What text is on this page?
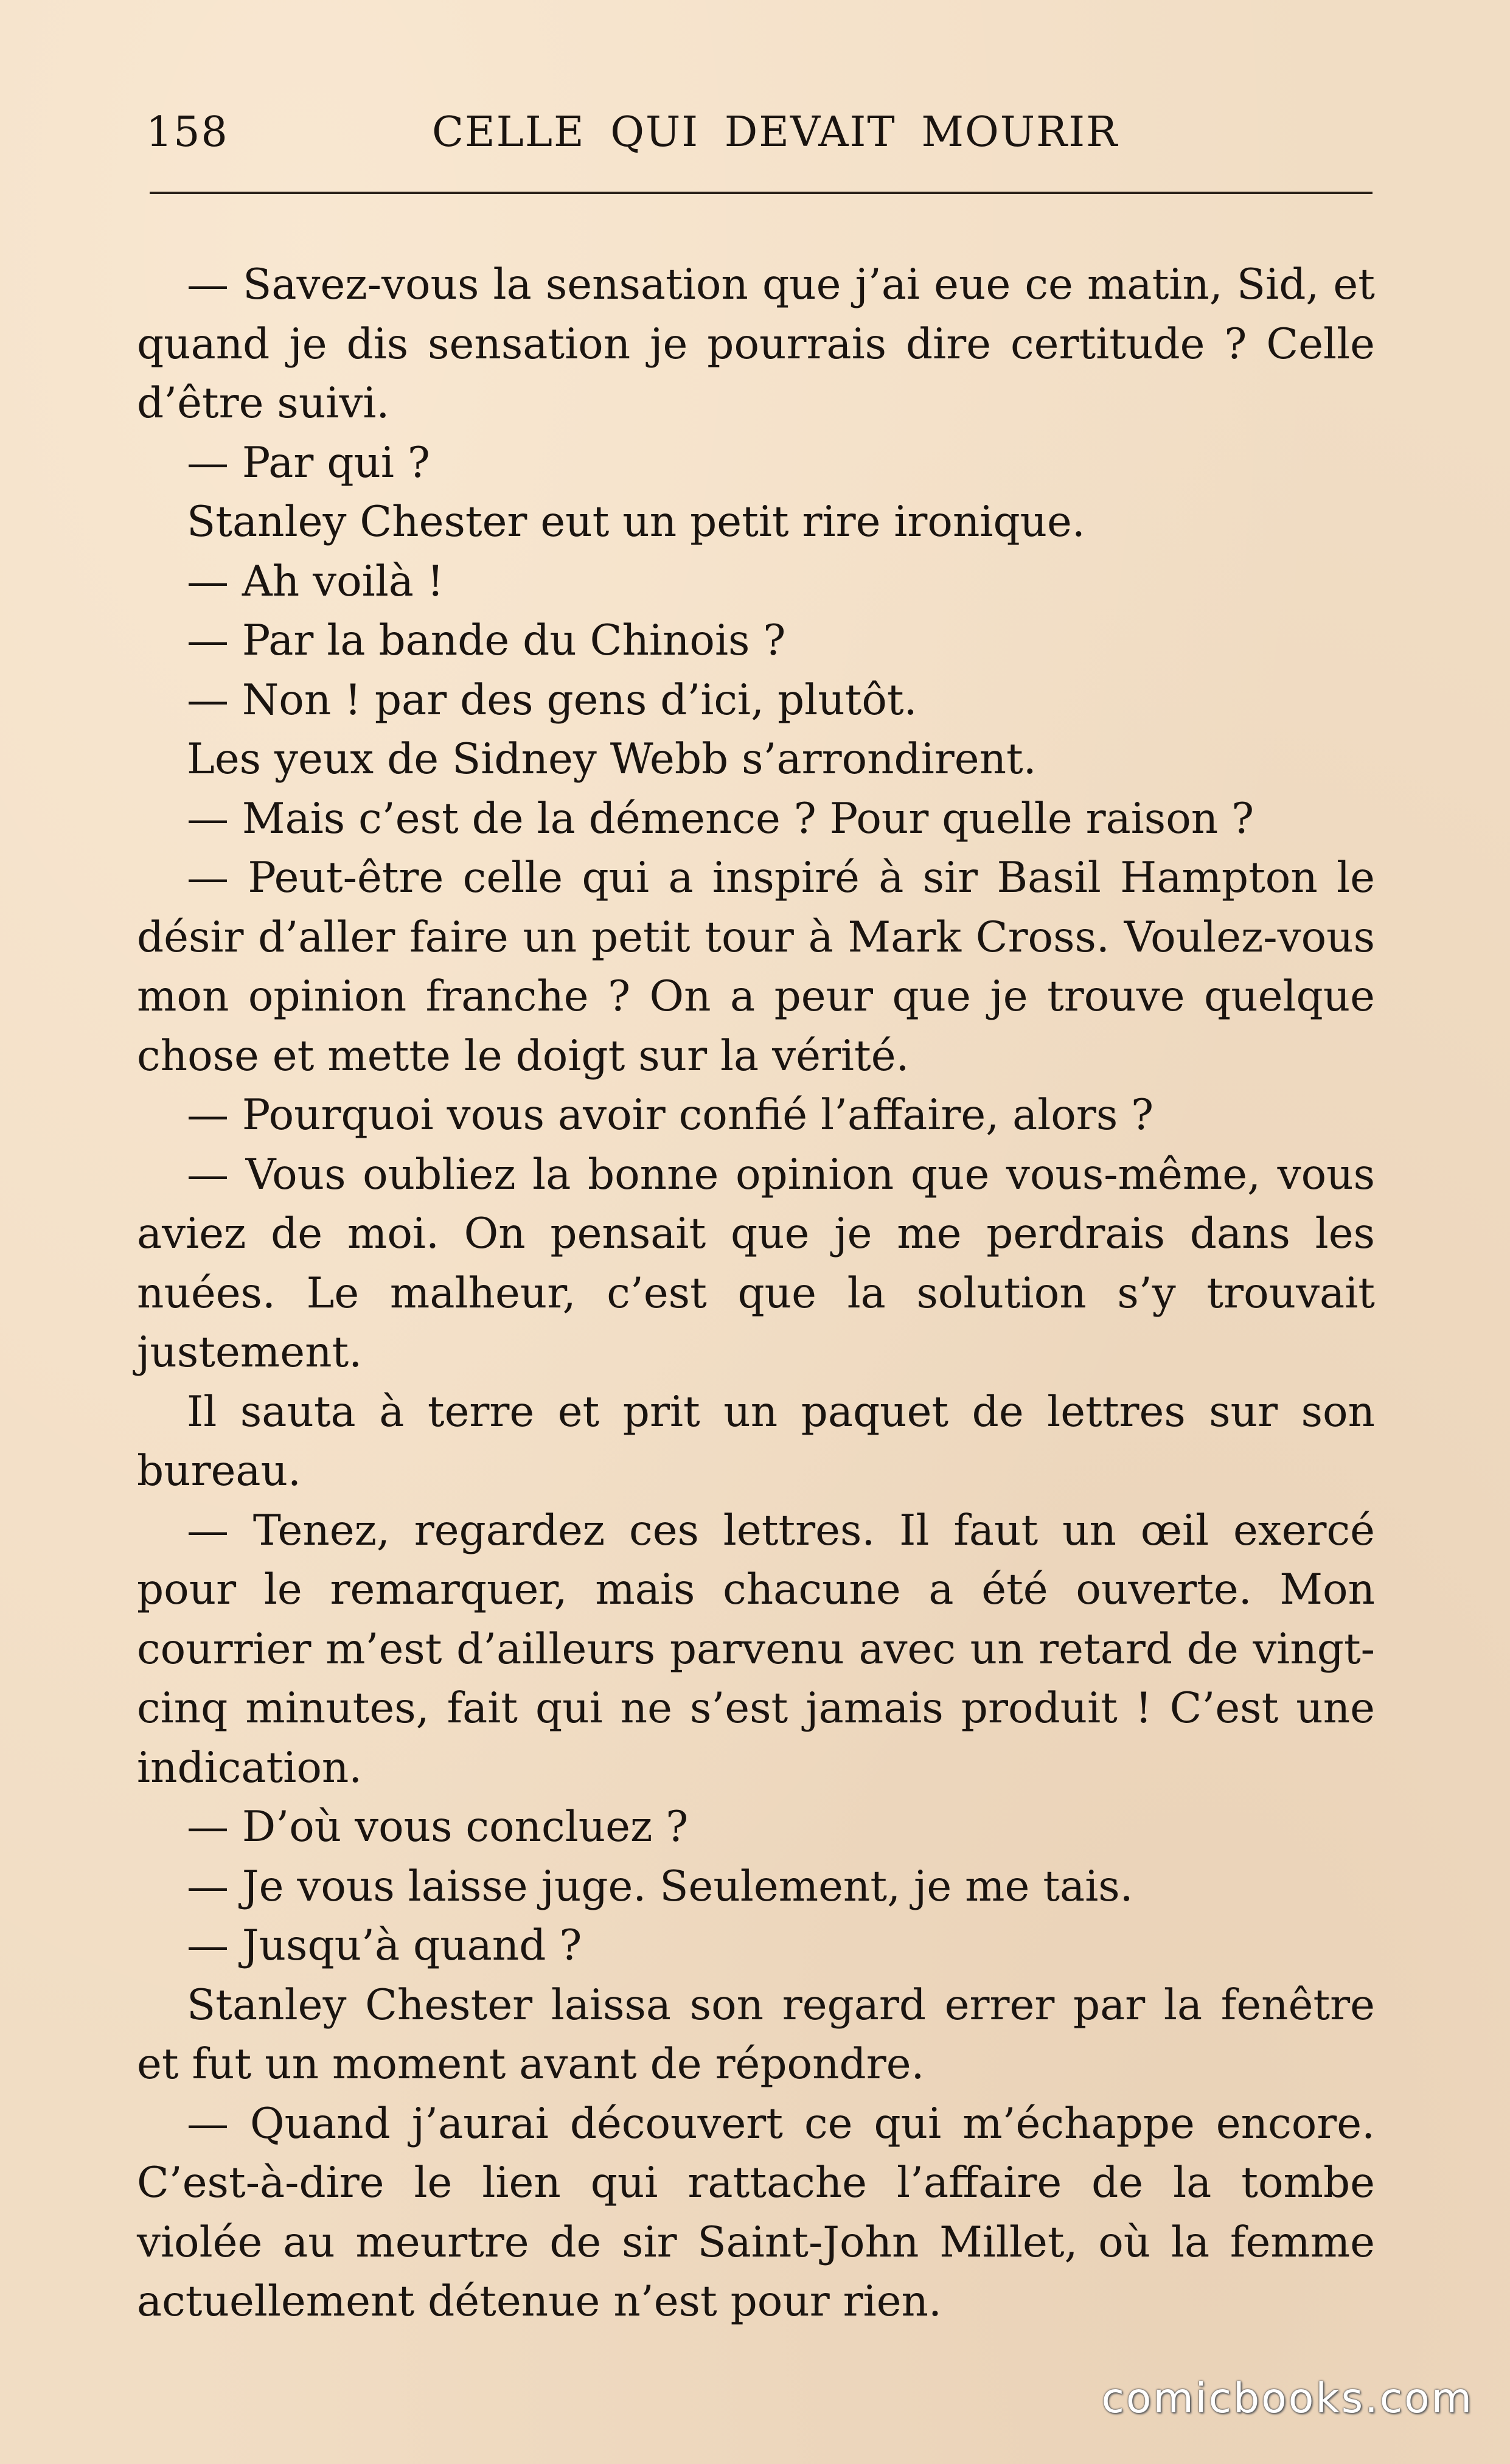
158	CELLE QUI DEVAIT MOURIR

— Savez-vous la sensation que j’ai eue ce matin, Sid, et quand je dis sensation je pourrais dire certitude ? Celle d’être suivi.

— Par qui ?

Stanley Chester eut un petit rire ironique.

— Ah voilà !

— Par la bande du Chinois ?

— Non ! par des gens d’ici, plutôt.

Les yeux de Sidney Webb s’arrondirent.

— Mais c’est de la démence ? Pour quelle raison ?

— Peut-être celle qui a inspiré à sir Basil Hampton le désir d’aller faire un petit tour à Mark Cross. Voulez-vous mon opinion franche ? On a peur que je trouve quelque chose et mette le doigt sur la vérité.

— Pourquoi vous avoir confié l’affaire, alors ?

— Vous oubliez la bonne opinion que vous-même, vous aviez de moi. On pensait que je me perdrais dans les nuées. Le malheur, c’est que la solution s’y trouvait justement.

Il sauta à terre et prit un paquet de lettres sur son bureau.

— Tenez, regardez ces lettres. Il faut un œil exercé pour le remarquer, mais chacune a été ouverte. Mon courrier m’est d’ailleurs parvenu avec un retard de vingt-cinq minutes, fait qui ne s’est jamais produit ! C’est une indication.

— D’où vous concluez ?

— Je vous laisse juge. Seulement, je me tais.

— Jusqu’à quand ?

Stanley Chester laissa son regard errer par la fenêtre et fut un moment avant de répondre.

— Quand j’aurai découvert ce qui m’échappe encore. C’est-à-dire le lien qui rattache l’affaire de la tombe violée au meurtre de sir Saint-John Millet, où la femme actuellement détenue n’est pour rien.

comicbooks.com
